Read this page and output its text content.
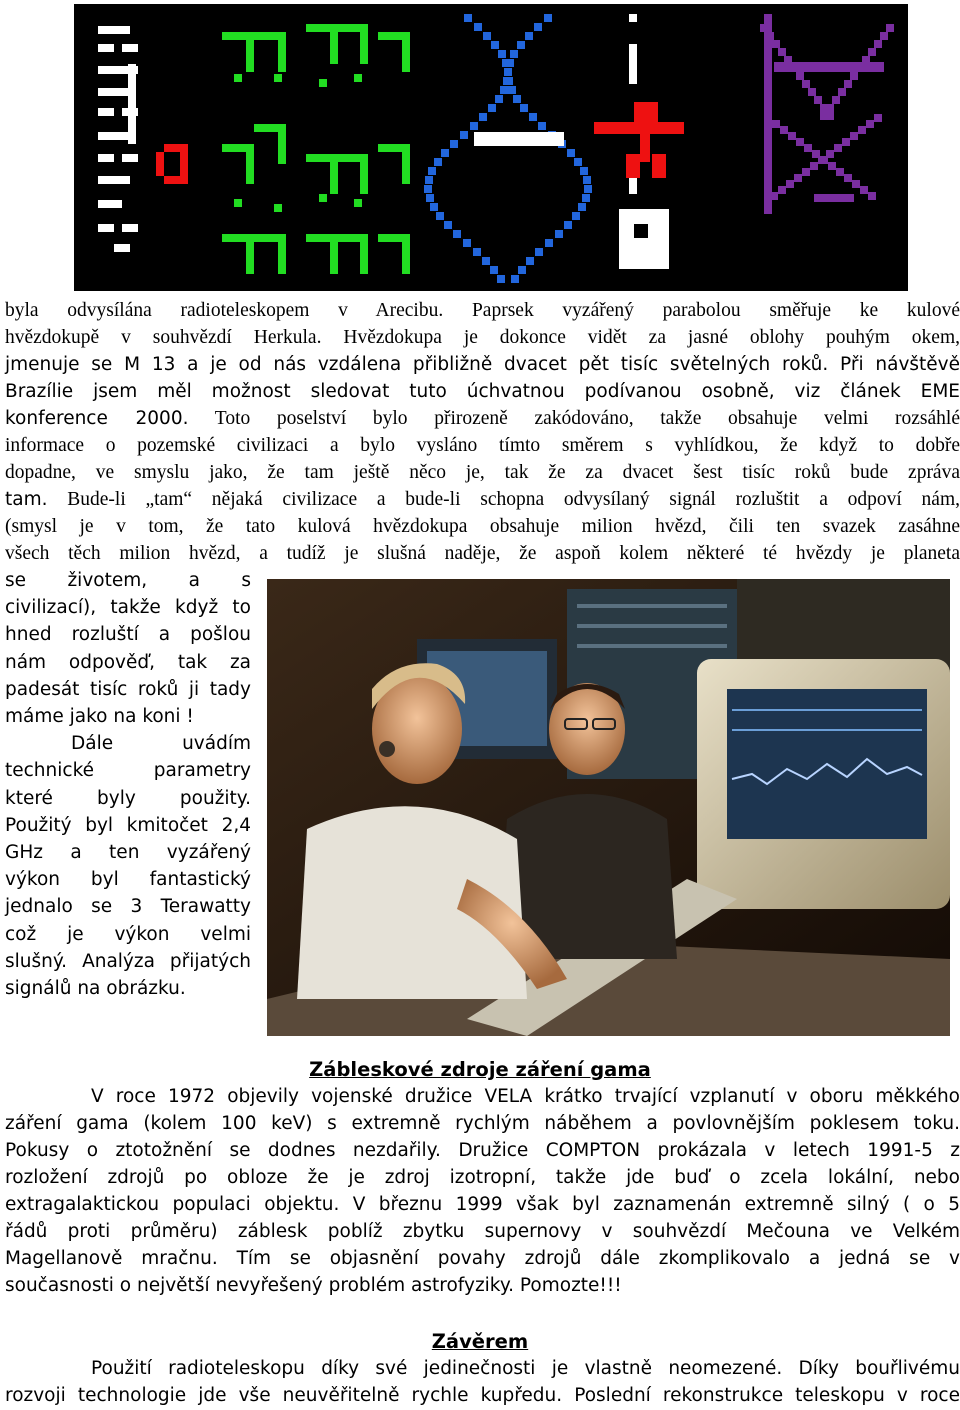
byla odvysílána radioteleskopem v Arecibu. Paprsek vyzářený parabolou směřuje ke kulové

hvězdokupě v souhvězdí Herkula. Hvězdokupa je dokonce vidět za jasné oblohy pouhým okem,

jmenuje se M 13 a je od nás vzdálena přibližně dvacet pět tisíc světelných roků. Při návštěvě

Brazílie jsem měl možnost sledovat tuto úchvatnou podívanou osobně, viz článek EME

konference 2000. Toto poselství bylo přirozeně zakódováno, takže obsahuje velmi rozsáhlé

informace o pozemské civilizaci a bylo vysláno tímto směrem s vyhlídkou, že když to dobře

dopadne, ve smyslu jako, že tam ještě něco je, tak že za dvacet šest tisíc roků bude zpráva

tam. Bude-li „tam“ nějaká civilizace a bude-li schopna odvysílaný signál rozluštit a odpoví nám,

(smysl je v tom, že tato kulová hvězdokupa obsahuje milion hvězd, čili ten svazek zasáhne

všech těch milion hvězd, a tudíž je slušná naděje, že aspoň kolem některé té hvězdy je planeta

se životem, a s
civilizací), takže když to
hned rozluští a pošlou
nám odpověď, tak za
padesát tisíc roků ji tady
máme jako na koni !
Dále uvádím
technické parametry
které byly použity.
Použitý byl kmitočet 2,4
GHz a ten vyzářený
výkon byl fantastický
jednalo se 3 Terawatty
což je výkon velmi
slušný. Analýza přijatých
signálů na obrázku.

Zábleskové zdroje záření gama

V roce 1972 objevily vojenské družice VELA krátko trvající vzplanutí v oboru měkkého
záření gama (kolem 100 keV) s extremně rychlým náběhem a povlovnějším poklesem toku.
Pokusy o ztotožnění se dodnes nezdařily. Družice COMPTON prokázala v letech 1991-5 z
rozložení zdrojů po obloze že je zdroj izotropní, takže jde buď o zcela lokální, nebo
extragalaktickou populaci objektu. V březnu 1999 však byl zaznamenán extremně silný ( o 5
řádů proti průměru) záblesk poblíž zbytku supernovy v souhvězdí Mečouna ve Velkém
Magellanově mračnu. Tím se objasnění povahy zdrojů dále zkomplikovalo a jedná se v
současnosti o největší nevyřešený problém astrofyziky. Pomozte!!!

Závěrem

Použití radioteleskopu díky své jedinečnosti je vlastně neomezené. Díky bouřlivému
rozvoji technologie jde vše neuvěřitelně rychle kupředu. Poslední rekonstrukce teleskopu v roce
